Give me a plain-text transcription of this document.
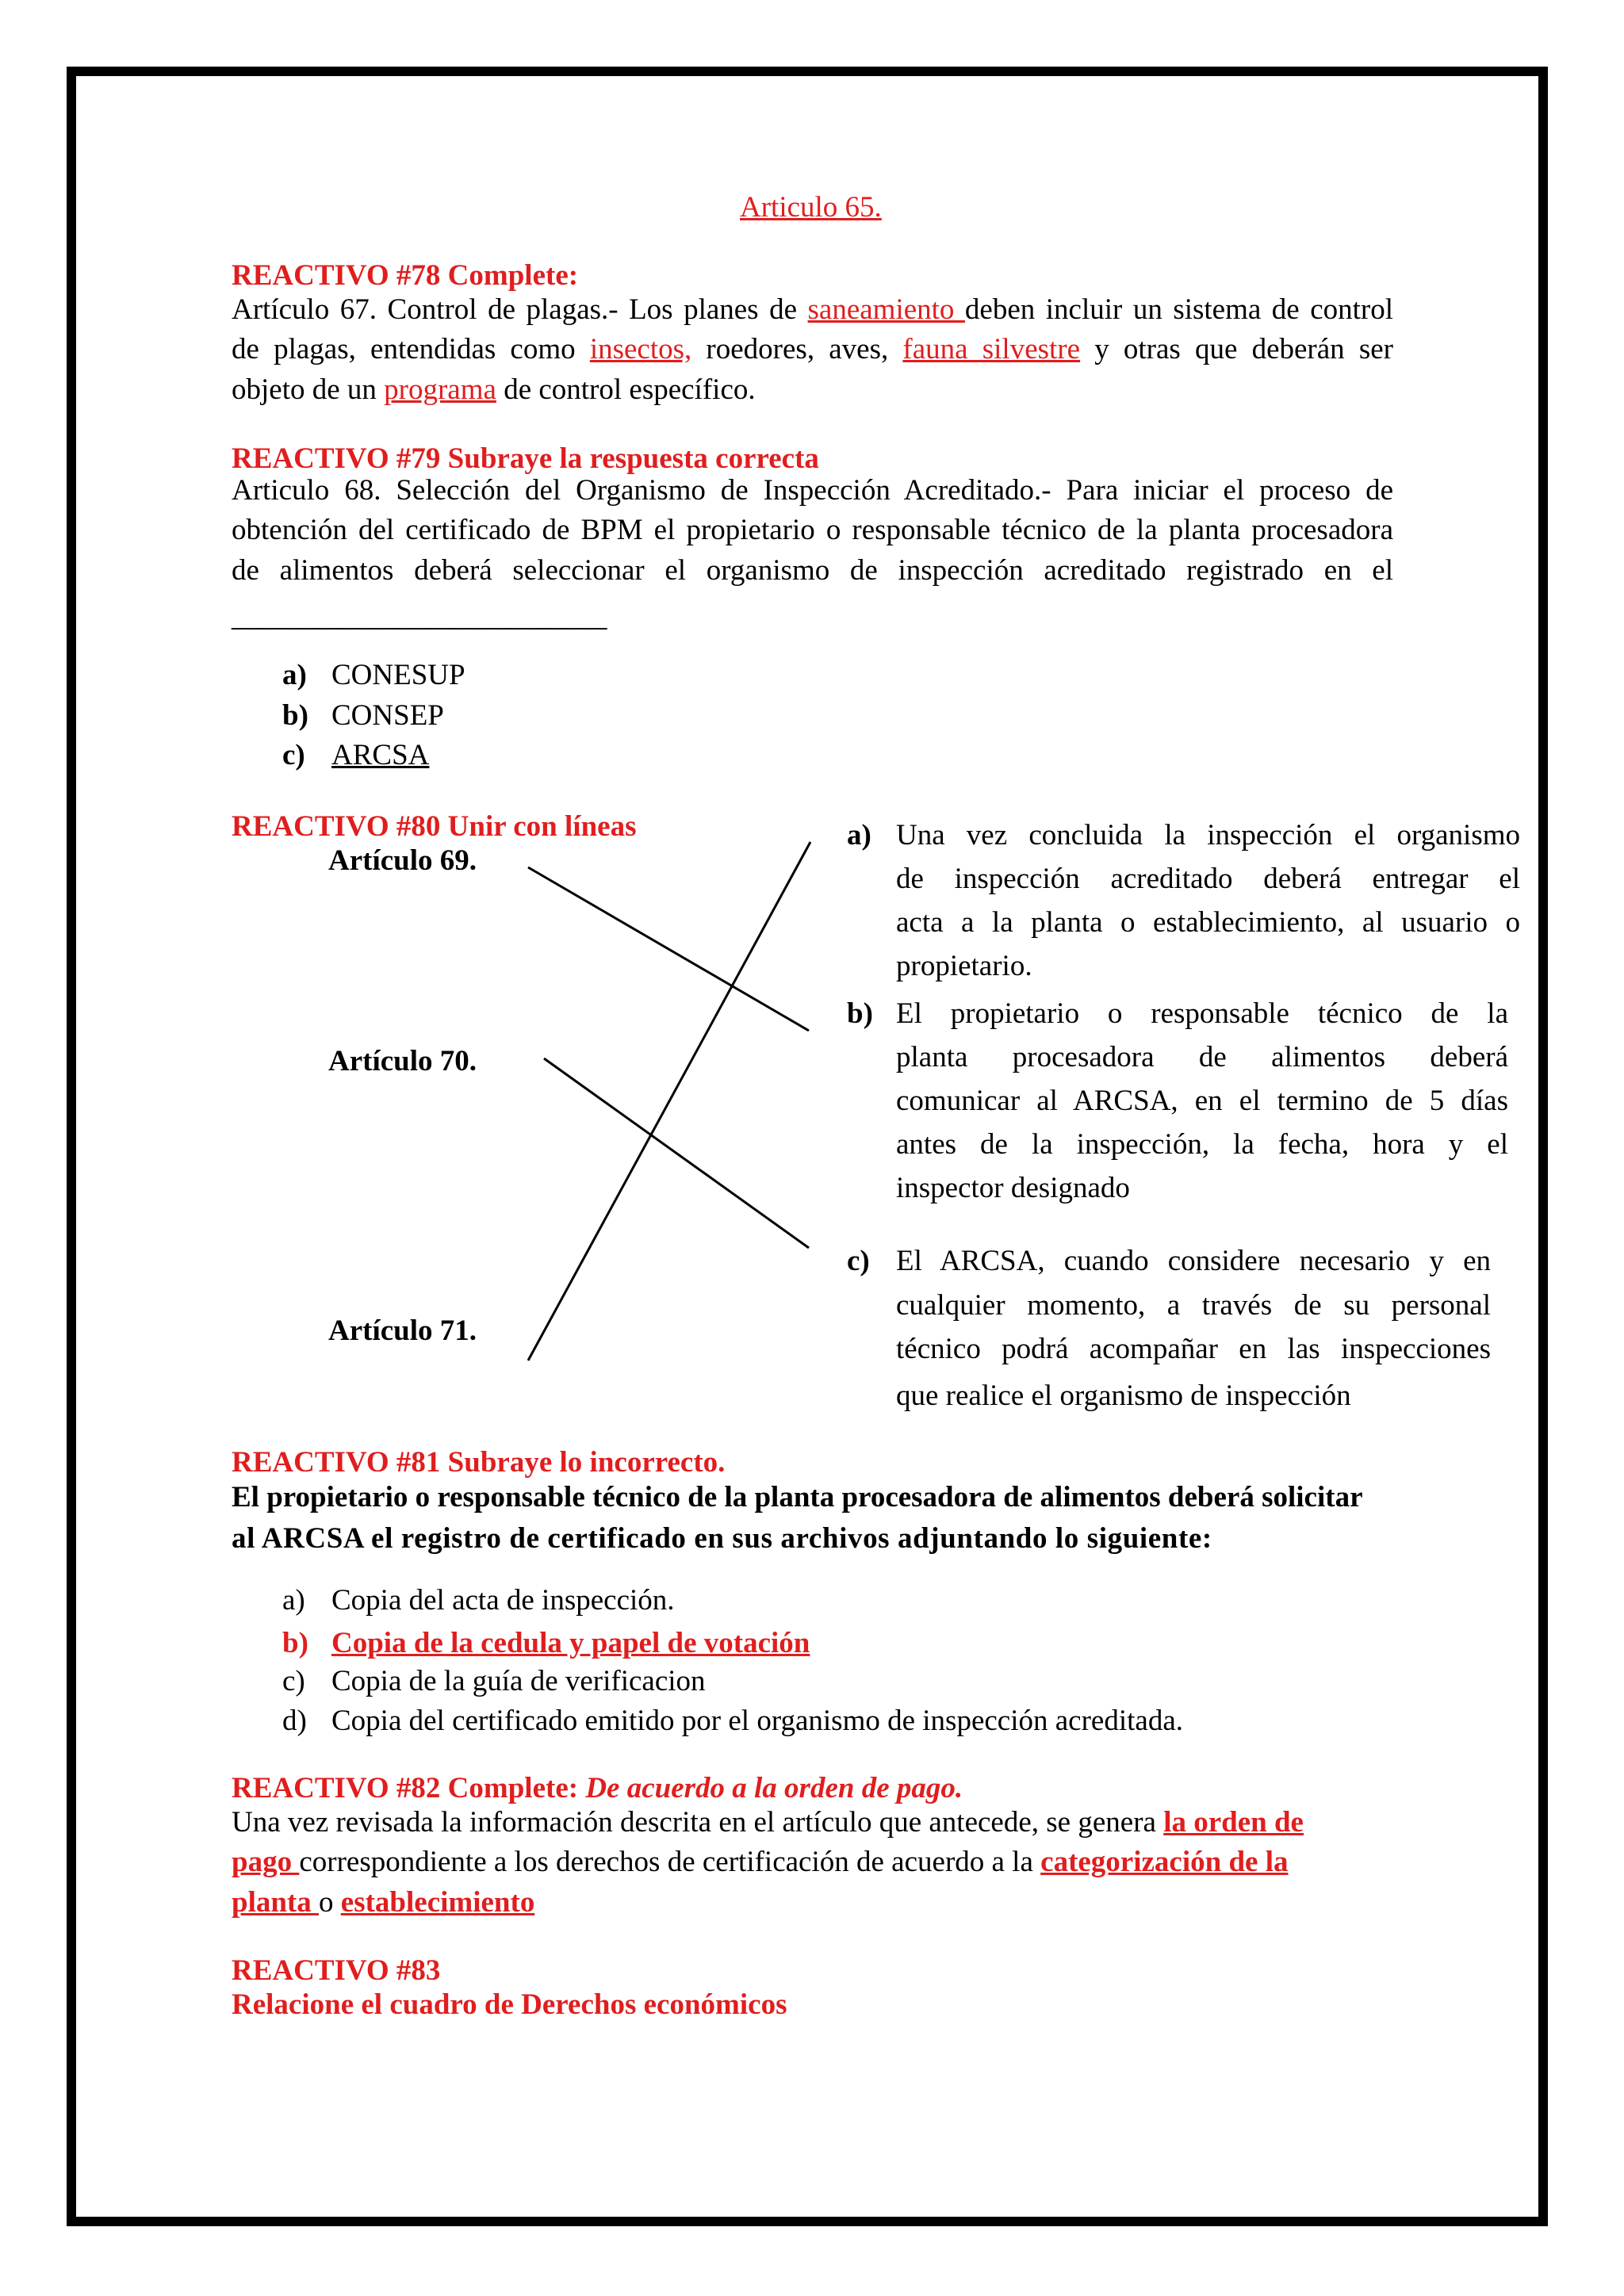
Articulo 65.
REACTIVO #78 Complete:
Artículo 67. Control de plagas.- Los planes de saneamiento deben incluir un sistema de control
de plagas, entendidas como insectos, roedores, aves, fauna silvestre y otras que deberán ser
objeto de un programa de control específico.
REACTIVO #79 Subraye la respuesta correcta
Articulo 68. Selección del Organismo de Inspección Acreditado.- Para iniciar el proceso de
obtención del certificado de BPM el propietario o responsable técnico de la planta procesadora
de alimentos deberá seleccionar el organismo de inspección acreditado registrado en el
___________________________
a) CONESUP
b) CONSEP
c) ARCSA
REACTIVO #80 Unir con líneas
Artículo 69.
Artículo 70.
Artículo 71.
a) Una vez concluida la inspección el organismo
de inspección acreditado deberá entregar el
acta a la planta o establecimiento, al usuario o
propietario.
b) El propietario o responsable técnico de la
planta procesadora de alimentos deberá
comunicar al ARCSA, en el termino de 5 días
antes de la inspección, la fecha, hora y el
inspector designado
c) El ARCSA, cuando considere necesario y en
cualquier momento, a través de su personal
técnico podrá acompañar en las inspecciones
que realice el organismo de inspección
REACTIVO #81 Subraye lo incorrecto.
El propietario o responsable técnico de la planta procesadora de alimentos deberá solicitar
al ARCSA el registro de certificado en sus archivos adjuntando lo siguiente:
a) Copia del acta de inspección.
b) Copia de la cedula y papel de votación
c) Copia de la guía de verificacion
d) Copia del certificado emitido por el organismo de inspección acreditada.
REACTIVO #82 Complete: De acuerdo a la orden de pago.
Una vez revisada la información descrita en el artículo que antecede, se genera la orden de
pago correspondiente a los derechos de certificación de acuerdo a la categorización de la
planta o establecimiento
REACTIVO #83
Relacione el cuadro de Derechos económicos
